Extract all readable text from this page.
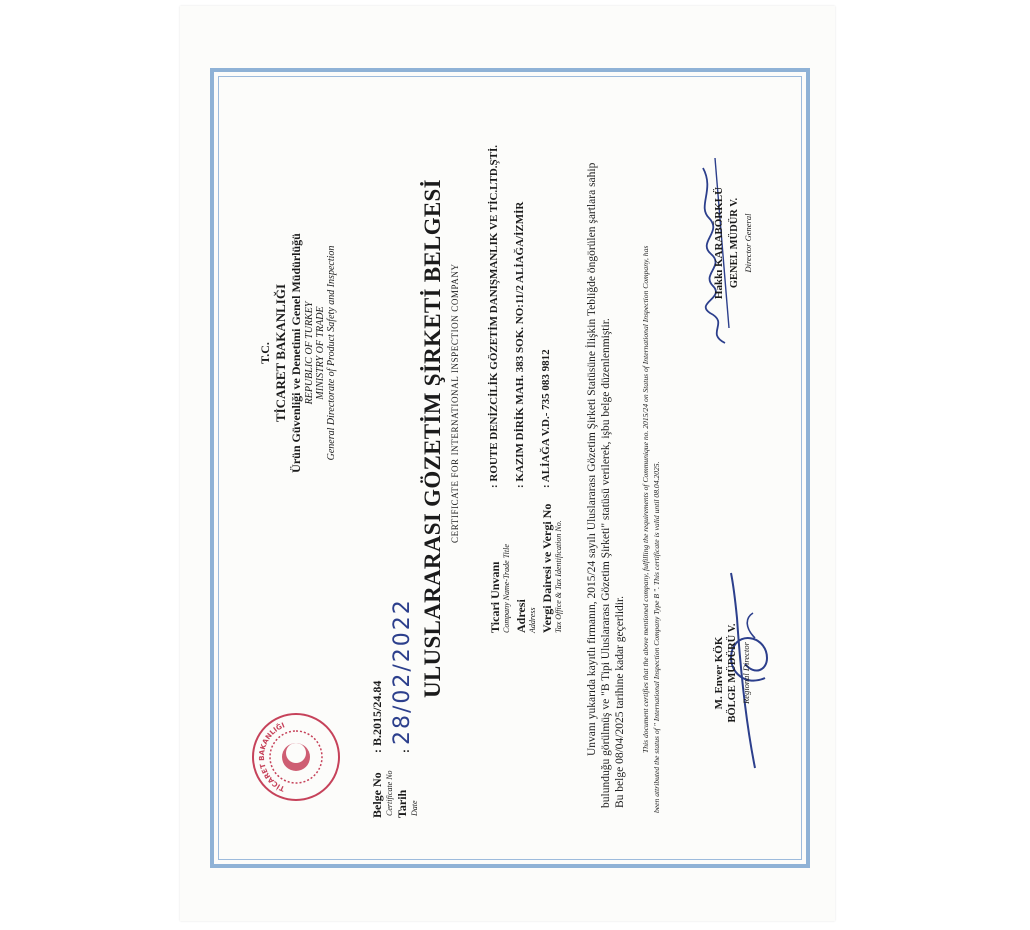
T.C. TİCARET BAKANLIĞI Ürün Güvenliği ve Denetimi Genel Müdürlüğü REPUBLIC OF TURKEY MINISTRY OF TRADE General Directorate of Product Safety and Inspection
Belge No Certificate No
: B.2015/24.84
Tarih Date
:
28/02/2022
TİCARET BAKANLIĞI
ULUSLARARASI GÖZETİM ŞİRKETİ BELGESİ CERTIFICATE FOR INTERNATIONAL INSPECTION COMPANY
Ticari Unvanı Company Name-Trade Title
: ROUTE DENİZCİLİK GÖZETİM DANIŞMANLIK VE TİC.LTD.ŞTİ.
Adresi Address
: KAZIM DİRİK MAH. 383 SOK. NO:11/2 ALİAĞA/İZMİR
Vergi Dairesi ve Vergi No Tax Office & Tax Identification No.
: ALİAĞA V.D.- 735 083 9812	Unvanı yukarıda kayıtlı firmanın, 2015/24 sayılı Uluslararası Gözetim Şirketi Statüsüne İlişkin Tebliğde öngörülen şartlara sahip bulunduğu görülmüş ve "B Tipi Uluslararası Gözetim Şirketi" statüsü verilerek, işbu belge düzenlenmiştir. Bu belge 08/04/2025 tarihine kadar geçerlidir. This document certifies that the above mentioned company, fulfilling the requirements of Communique no. 2015/24 on Status of International Inspection Company, has been attributed the status of " International Inspection Company Type B ". This certificate is valid until 08.04.2025.	M. Enver KÖK BÖLGE MÜDÜRÜ V. Regional Director
Hakkı KARABÖRKLÜ GENEL MÜDÜR V. Director General
